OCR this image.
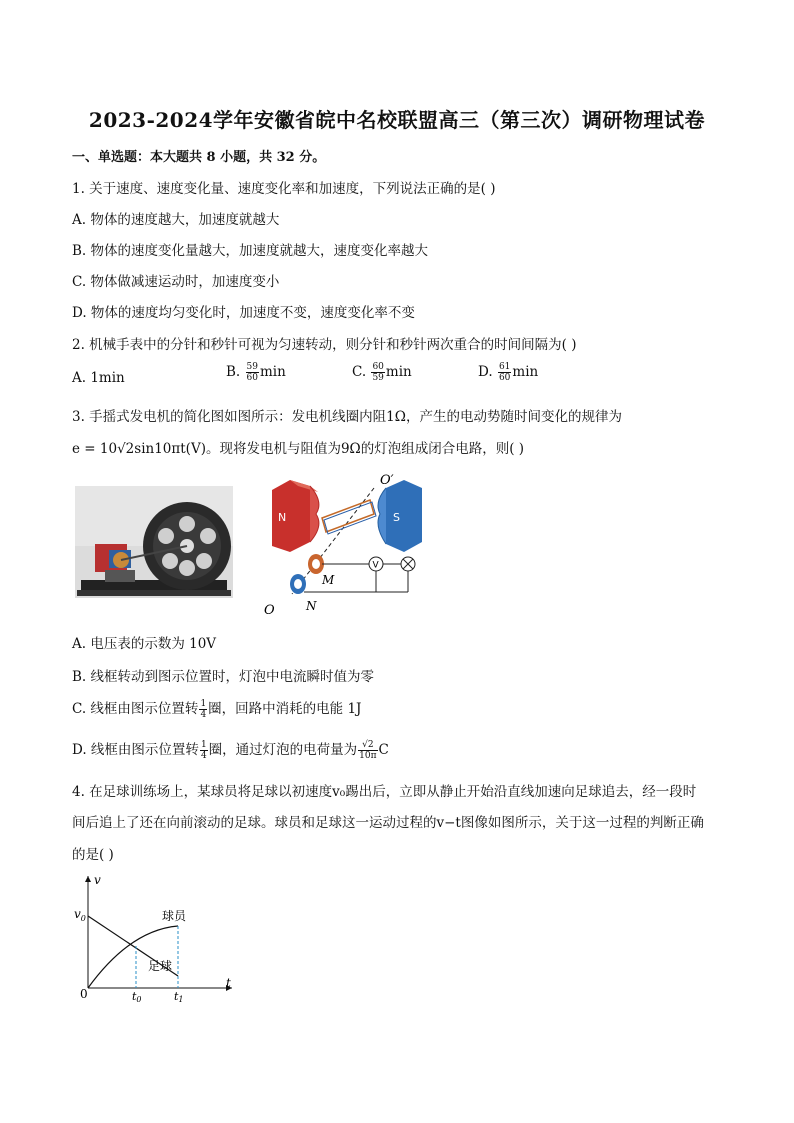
2023-2024学年安徽省皖中名校联盟高三（第三次）调研物理试卷
一、单选题：本大题共 8 小题，共 32 分。
1. 关于速度、速度变化量、速度变化率和加速度，下列说法正确的是( )
A. 物体的速度越大，加速度就越大
B. 物体的速度变化量越大，加速度就越大，速度变化率越大
C. 物体做减速运动时，加速度变小
D. 物体的速度均匀变化时，加速度不变，速度变化率不变
2. 机械手表中的分针和秒针可视为匀速转动，则分针和秒针两次重合的时间间隔为( )
A. 1min	B. $\frac{59}{60}$ min	C. $\frac{60}{59}$ min	D. $\frac{61}{60}$ min
3. 手摇式发电机的简化图如图所示：发电机线圈内阻1Ω，产生的电动势随时间变化的规律为
e = 10√2sin10πt(V)。现将发电机与阻值为9Ω的灯泡组成闭合电路，则( )
N	S
V
O′
O
M
N
A. 电压表的示数为 10V
B. 线框转动到图示位置时，灯泡中电流瞬时值为零
C. 线框由图示位置转 $\frac{1}{4}$ 圈，回路中消耗的电能 1J
D. 线框由图示位置转 $\frac{1}{4}$ 圈，通过灯泡的电荷量为 $\frac{√2}{10\pi}$ C
4. 在足球训练场上，某球员将足球以初速度v₀踢出后，立即从静止开始沿直线加速向足球追去，经一段时
间后追上了还在向前滚动的足球。球员和足球这一运动过程的v−t图像如图所示，关于这一过程的判断正确
的是( )
v
t
0
$v_0$	球员
足球
t0	t1
